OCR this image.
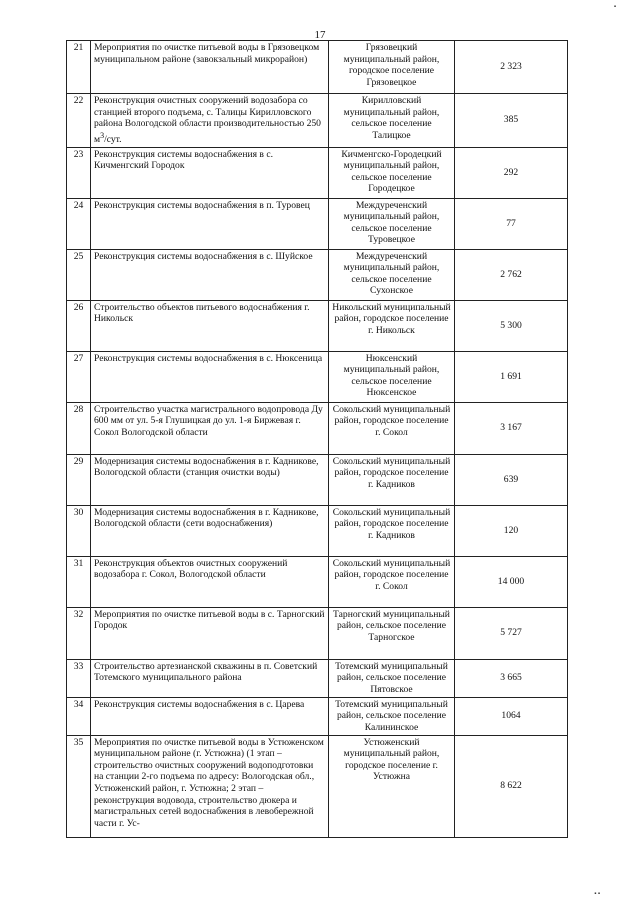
▪
17
21	Мероприятия по очистке питьевой воды в Грязовецком муниципальном районе (завокзальный микрорайон)	Грязовецкий муниципальный район, городское поселение Грязовецкое	2 323
22	Реконструкция очистных сооружений водозабора со станцией второго подъема, с. Талицы Кирилловского района Вологодской области производительностью 250 $м^3$/сут.	Кирилловский муниципальный район, сельское поселение Талицкое	385
23	Реконструкция системы водоснабжения в с. Кичменгский Городок	Кичменгско-Городецкий муниципальный район, сельское поселение Городецкое	292
24	Реконструкция системы водоснабжения в п. Туровец	Междуреченский муниципальный район, сельское поселение Туровецкое	77
25	Реконструкция системы водоснабжения в с. Шуйское	Междуреченский муниципальный район, сельское поселение Сухонское	2 762
26	Строительство объектов питьевого водоснабжения г. Никольск	Никольский муниципальный район, городское поселение г. Никольск	5 300
27	Реконструкция системы водоснабжения в с. Нюксеница	Нюксенский муниципальный район, сельское поселение Нюксенское	1 691
28	Строительство участка магистрального водопровода Ду 600 мм от ул. 5-я Глушицкая до ул. 1-я Биржевая г. Сокол Вологодской области	Сокольский муниципальный район, городское поселение г. Сокол	3 167
29	Модернизация системы водоснабжения в г. Кадникове, Вологодской области (станция очистки воды)	Сокольский муниципальный район, городское поселение г. Кадников	639
30	Модернизация системы водоснабжения в г. Кадникове, Вологодской области (сети водоснабжения)	Сокольский муниципальный район, городское поселение г. Кадников	120
31	Реконструкция объектов очистных сооружений водозабора г. Сокол, Вологодской области	Сокольский муниципальный район, городское поселение г. Сокол	14 000
32	Мероприятия по очистке питьевой воды в с. Тарногский Городок	Тарногский муниципальный район, сельское поселение Тарногское	5 727
33	Строительство артезианской скважины в п. Советский Тотемского муниципального района	Тотемский муниципальный район, сельское поселение Пятовское	3 665
34	Реконструкция системы водоснабжения в с. Царева	Тотемский муниципальный район, сельское поселение Калининское	1064
35	Мероприятия по очистке питьевой воды в Устюженском муниципальном районе (г. Устюжна) (1 этап – строительство очистных сооружений водоподготовки на станции 2-го подъема по адресу: Вологодская обл., Устюженский район, г. Устюжна; 2 этап – реконструкция водовода, строительство дюкера и магистральных сетей водоснабжения в левобережной части г. Ус-	Устюженский муниципальный район, городское поселение г. Устюжна	8 622
▪ ▪
